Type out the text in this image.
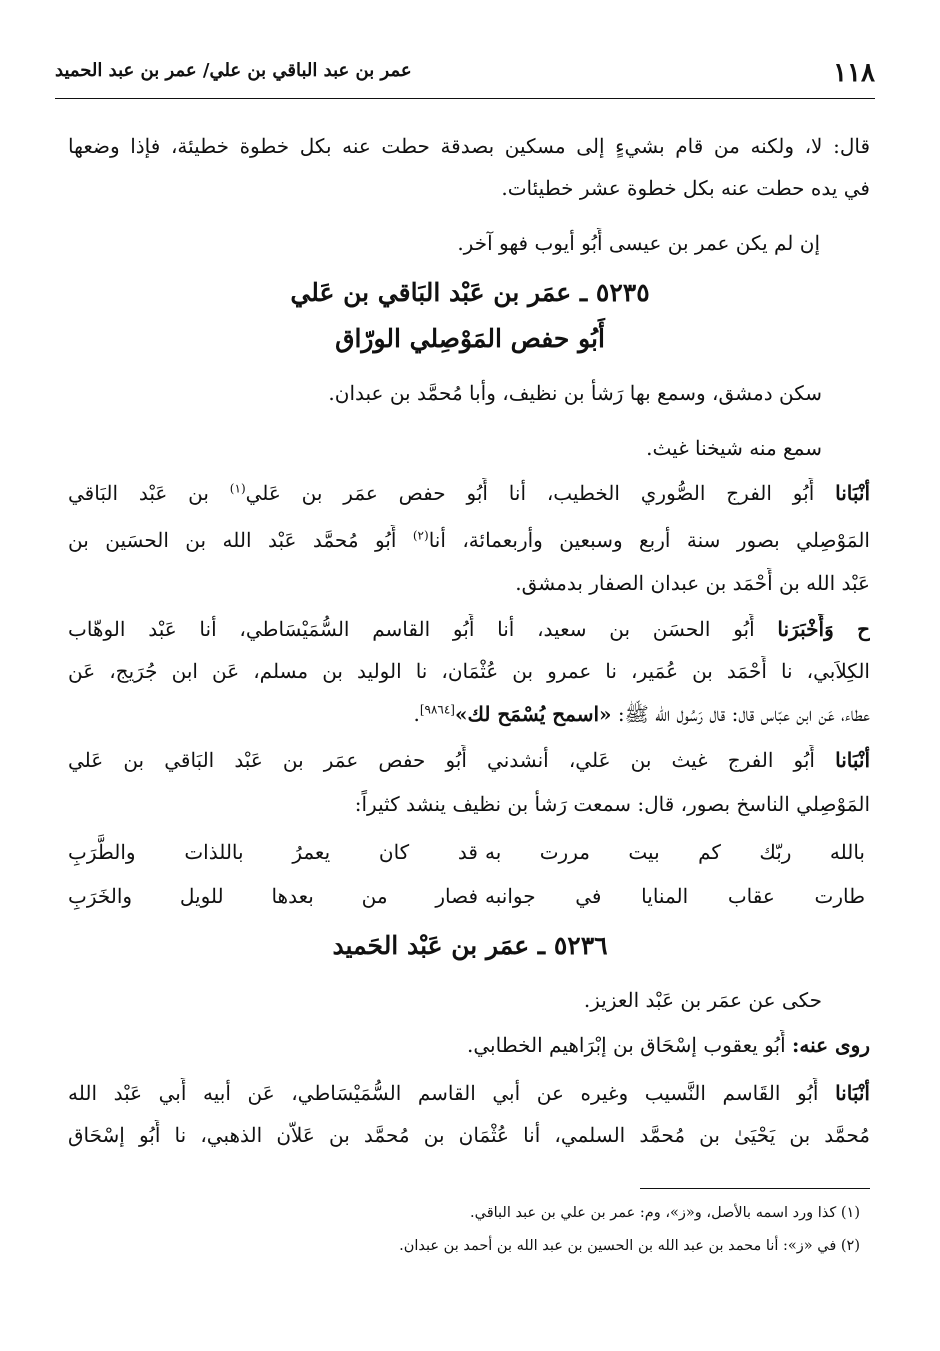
١١٨
عمر بن عبد الباقي بن علي/ عمر بن عبد الحميد
قال: لا، ولكنه من قام بشيءٍ إلى مسكين بصدقة حطت عنه بكل خطوة خطيئة، فإذا وضعها
في يده حطت عنه بكل خطوة عشر خطيئات.
إن لم يكن عمر بن عيسى أَبُو أيوب فهو آخر.
٥٢٣٥ ـ عمَر بن عَبْد البَاقي بن عَلي
أَبُو حفص المَوْصِلي الورّاق
سكن دمشق، وسمع بها رَشأ بن نظيف، وأبا مُحمَّد بن عبدان.
سمع منه شيخنا غيث.
أنْبَانا أَبُو الفرج الصُّوري الخطيب، أنا أَبُو حفص عمَر بن عَلي$^{(١)}$ بن عَبْد البَاقي
المَوْصِلي بصور سنة أربع وسبعين وأربعمائة، أنا$^{(٢)}$ أَبُو مُحمَّد عَبْد الله بن الحسَين بن
عَبْد الله بن أَحْمَد بن عبدان الصفار بدمشق.
ح وَأَخْبَرَنا أَبُو الحسَن بن سعيد، أنا أَبُو القاسم السُّمَيْسَاطي، أنا عَبْد الوهّاب
الكِلاَبي، نا أَحْمَد بن عُمَير، نا عمرو بن عُثْمَان، نا الوليد بن مسلم، عَن ابن جُرَيج، عَن
عطاء، عَن ابن عبّاس قال: قال رَسُول الله ﷺ: «اسمح يُسْمَح لك»[٩٨٦٤].
أنْبَانا أَبُو الفرج غيث بن عَلي، أنشدني أَبُو حفص عمَر بن عَبْد البَاقي بن عَلي
المَوْصِلي الناسخ بصور، قال: سمعت رَشأ بن نظيف ينشد كثيراً:
بالله ربّك كم بيت مررت به
قد كان يعمرُ باللذات والطَّرَبِ
طارت عقاب المنايا في جوانبه
فصار من بعدها للويل والخَرَبِ
٥٢٣٦ ـ عمَر بن عَبْد الحَميد
حكى عن عمَر بن عَبْد العزيز.
روى عنه: أَبُو يعقوب إسْحَاق بن إبْرَاهيم الخطابي.
أنْبَانا أَبُو القَاسم النَّسيب وغيره عن أبي القاسم السُّمَيْسَاطي، عَن أبيه أَبي عَبْد الله
مُحمَّد بن يَحْيَىٰ بن مُحمَّد السلمي، أنا عُثْمَان بن مُحمَّد بن عَلاّن الذهبي، نا أَبُو إسْحَاق
(١) كذا ورد اسمه بالأصل، و«ز»، وم: عمر بن علي بن عبد الباقي.
(٢) في «ز»: أنا محمد بن عبد الله بن الحسين بن عبد الله بن أحمد بن عبدان.
